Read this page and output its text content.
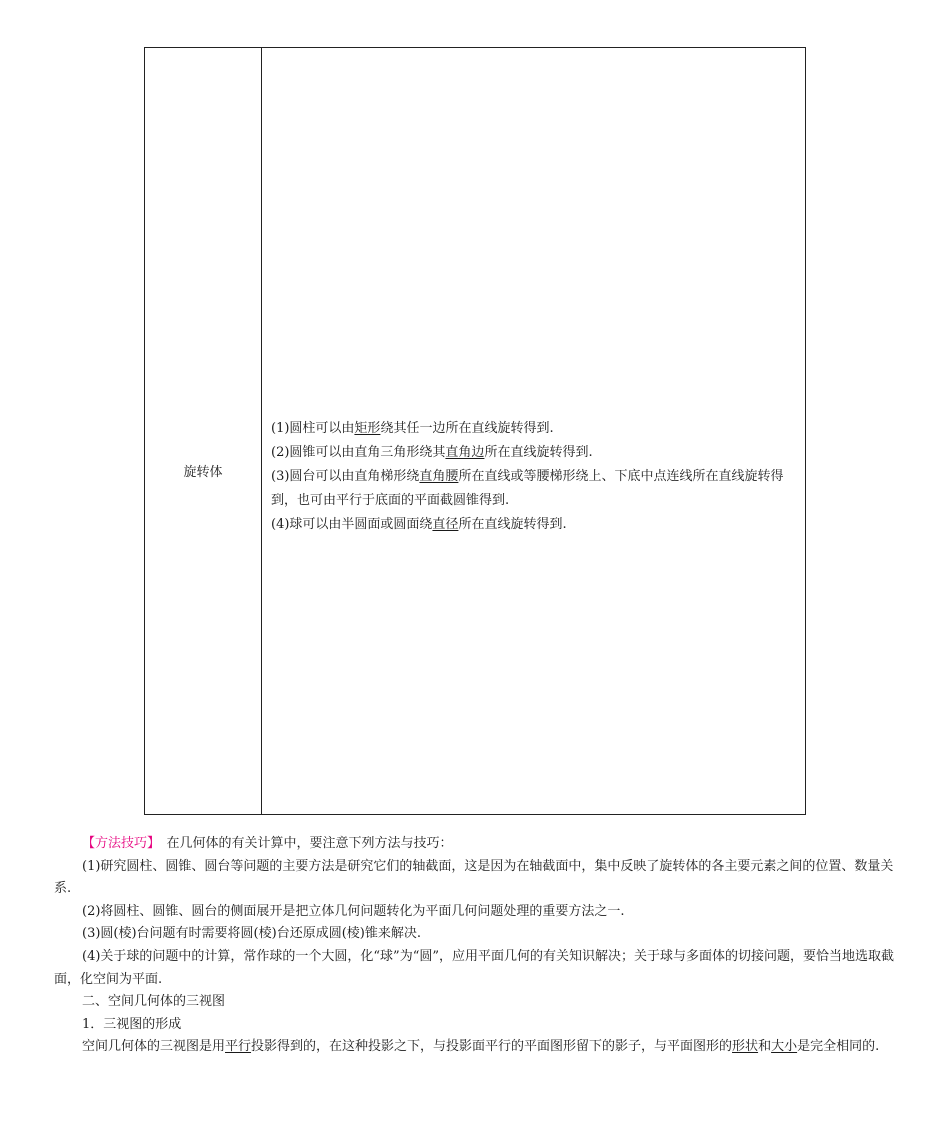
旋转体

(1)圆柱可以由矩形绕其任一边所在直线旋转得到.

(2)圆锥可以由直角三角形绕其直角边所在直线旋转得到.

(3)圆台可以由直角梯形绕直角腰所在直线或等腰梯形绕上、下底中点连线所在直线旋转得到，也可由平行于底面的平面截圆锥得到.

(4)球可以由半圆面或圆面绕直径所在直线旋转得到.

【方法技巧】　在几何体的有关计算中，要注意下列方法与技巧：

(1)研究圆柱、圆锥、圆台等问题的主要方法是研究它们的轴截面，这是因为在轴截面中，集中反映了旋转体的各主要元素之间的位置、数量关系.

(2)将圆柱、圆锥、圆台的侧面展开是把立体几何问题转化为平面几何问题处理的重要方法之一.

(3)圆(棱)台问题有时需要将圆(棱)台还原成圆(棱)锥来解决.

(4)关于球的问题中的计算，常作球的一个大圆，化“球”为“圆”，应用平面几何的有关知识解决；关于球与多面体的切接问题，要恰当地选取截面，化空间为平面.

二、空间几何体的三视图

1．三视图的形成

空间几何体的三视图是用平行投影得到的，在这种投影之下，与投影面平行的平面图形留下的影子，与平面图形的形状和大小是完全相同的.
